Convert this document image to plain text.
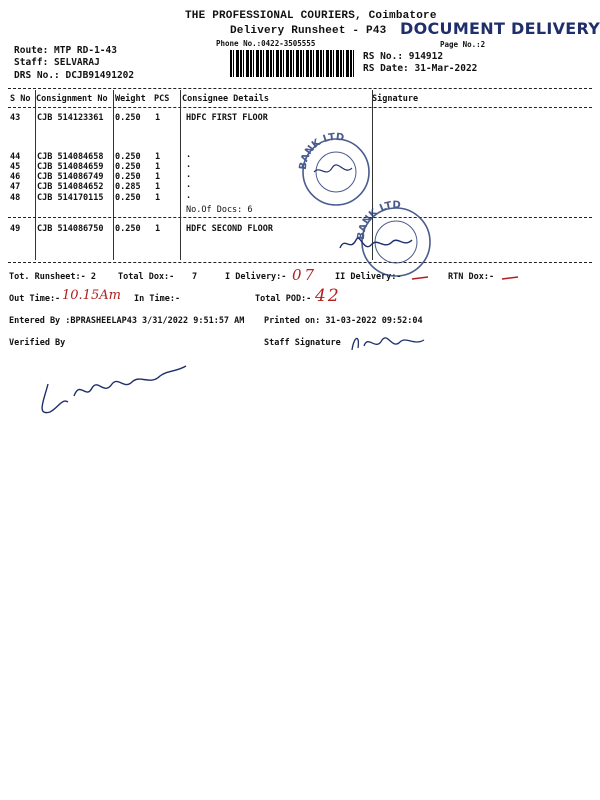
THE PROFESSIONAL COURIERS, Coimbatore
Delivery Runsheet - P43 DOCUMENT DELIVERY
Phone No.:0422-3505555	Page No.:2
Route: MTP RD-1-43
Staff: SELVARAJ
DRS No.: DCJB91491202
RS No.: 914912
RS Date: 31-Mar-2022
S No Consignment No Weight PCS Consignee Details	Signature
43 CJB 514123361 0.250 1	HDFC FIRST FLOOR
44 CJB 514084658 0.250 1	.
45 CJB 514084659 0.250 1	.
46 CJB 514086749 0.250 1	.
47 CJB 514084652 0.285 1	.
48 CJB 514170115 0.250 1	.
No.Of Docs: 6
49 CJB 514086750 0.250 1	HDFC SECOND FLOOR
Tot. Runsheet:- 2	Total Dox:- 7	I Delivery:- 07 II Delivery:-	RTN Dox:-
Out Time:- 10.15Am In Time:-	Total POD:- 42
Entered By :BPRASHEELAP43 3/31/2022 9:51:57 AM Printed on: 31-03-2022 09:52:04
Verified By	Staff Signature
BANK LTD
BANK LTD
